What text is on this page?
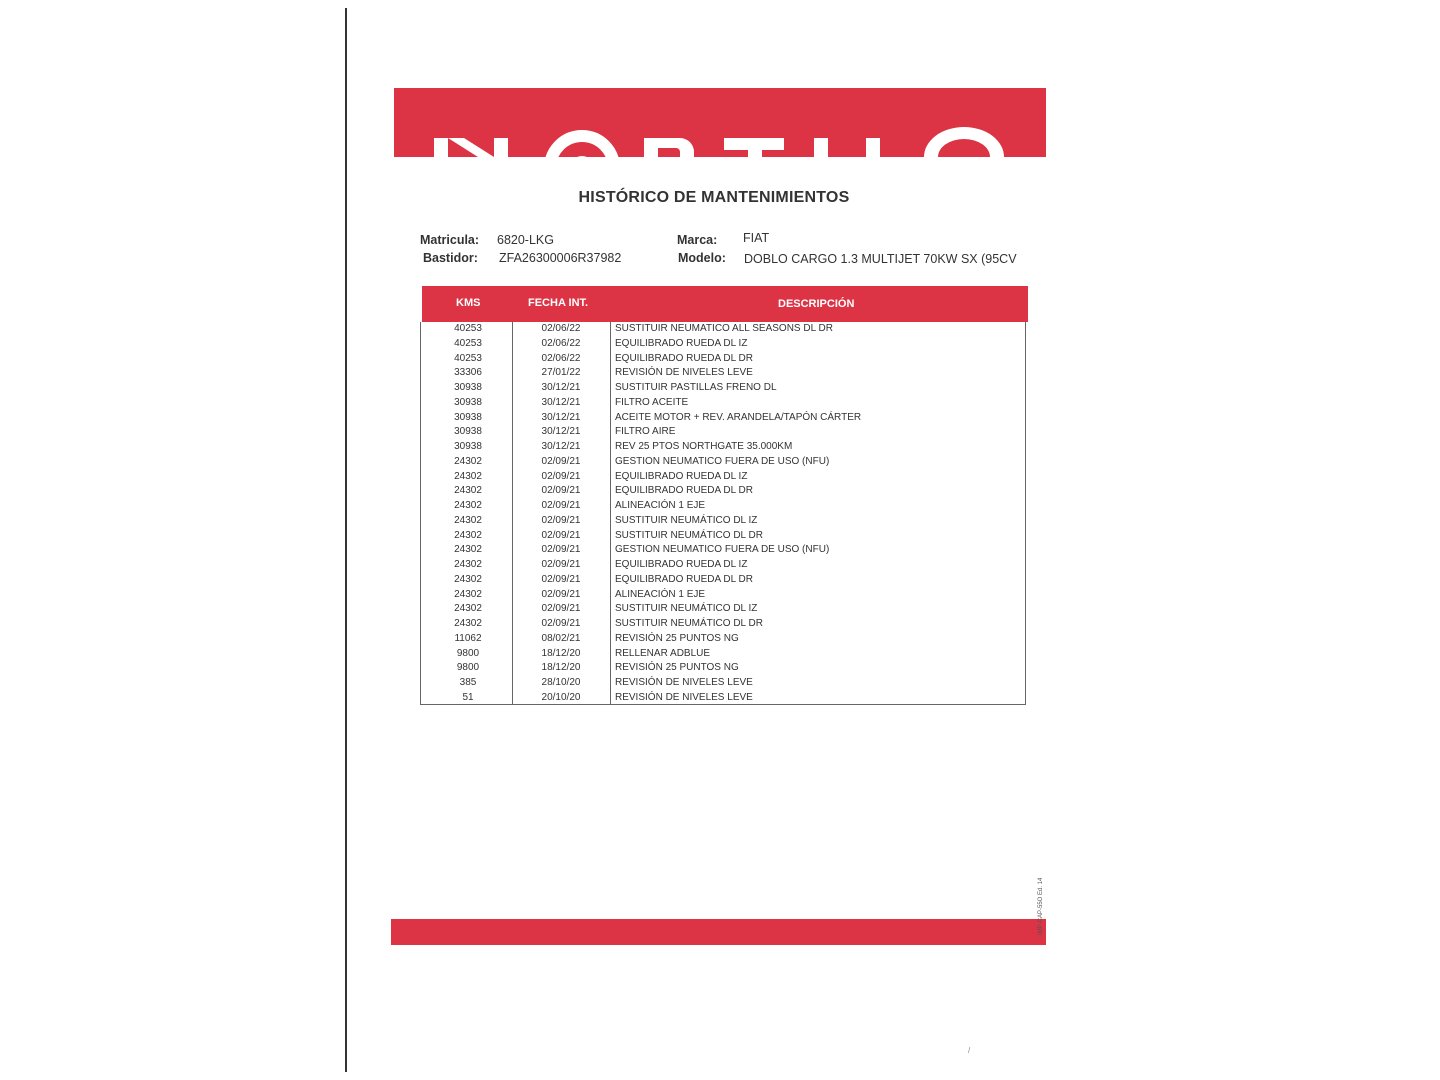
HISTÓRICO DE MANTENIMIENTOS
Matricula: 6820-LKG
Bastidor: ZFA26300006R37982
Marca: FIAT
Modelo: DOBLO CARGO 1.3 MULTIJET 70KW SX (95CV
KMS	FECHA INT.	DESCRIPCIÓN
40253	02/06/22	SUSTITUIR NEUMATICO ALL SEASONS DL DR
40253	02/06/22	EQUILIBRADO RUEDA DL IZ
40253	02/06/22	EQUILIBRADO RUEDA DL DR
33306	27/01/22	REVISIÓN DE NIVELES LEVE
30938	30/12/21	SUSTITUIR PASTILLAS FRENO DL
30938	30/12/21	FILTRO ACEITE
30938	30/12/21	ACEITE MOTOR + REV. ARANDELA/TAPÓN CÁRTER
30938	30/12/21	FILTRO AIRE
30938	30/12/21	REV 25 PTOS NORTHGATE 35.000KM
24302	02/09/21	GESTION NEUMATICO FUERA DE USO (NFU)
24302	02/09/21	EQUILIBRADO RUEDA DL IZ
24302	02/09/21	EQUILIBRADO RUEDA DL DR
24302	02/09/21	ALINEACIÓN 1 EJE
24302	02/09/21	SUSTITUIR NEUMÁTICO DL IZ
24302	02/09/21	SUSTITUIR NEUMÁTICO DL DR
24302	02/09/21	GESTION NEUMATICO FUERA DE USO (NFU)
24302	02/09/21	EQUILIBRADO RUEDA DL IZ
24302	02/09/21	EQUILIBRADO RUEDA DL DR
24302	02/09/21	ALINEACIÓN 1 EJE
24302	02/09/21	SUSTITUIR NEUMÁTICO DL IZ
24302	02/09/21	SUSTITUIR NEUMÁTICO DL DR
11062	08/02/21	REVISIÓN 25 PUNTOS NG
9800	18/12/20	RELLENAR ADBLUE
9800	18/12/20	REVISIÓN 25 PUNTOS NG
385	28/10/20	REVISIÓN DE NIVELES LEVE
51	20/10/20	REVISIÓN DE NIVELES LEVE
IMP-CAP-55O Ed. 14
/
